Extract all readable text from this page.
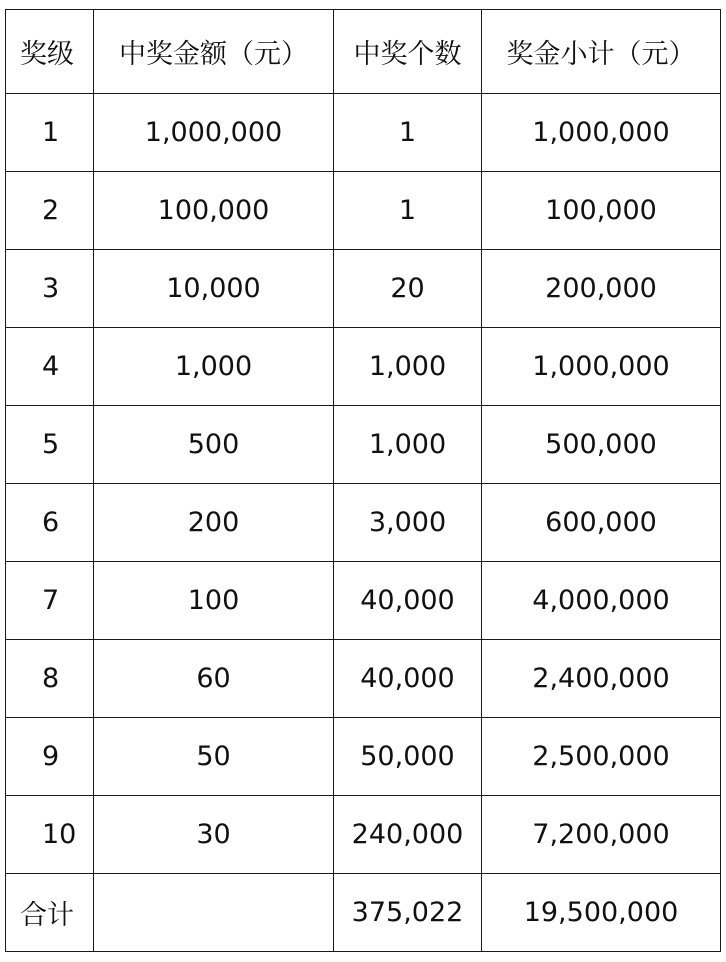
奖级	中奖金额（元）	中奖个数	奖金小计（元）
1	1,000,000	1	1,000,000
2	100,000	1	100,000
3	10,000	20	200,000
4	1,000	1,000	1,000,000
5	500	1,000	500,000
6	200	3,000	600,000
7	100	40,000	4,000,000
8	60	40,000	2,400,000
9	50	50,000	2,500,000
10	30	240,000	7,200,000
合计		375,022	19,500,000
